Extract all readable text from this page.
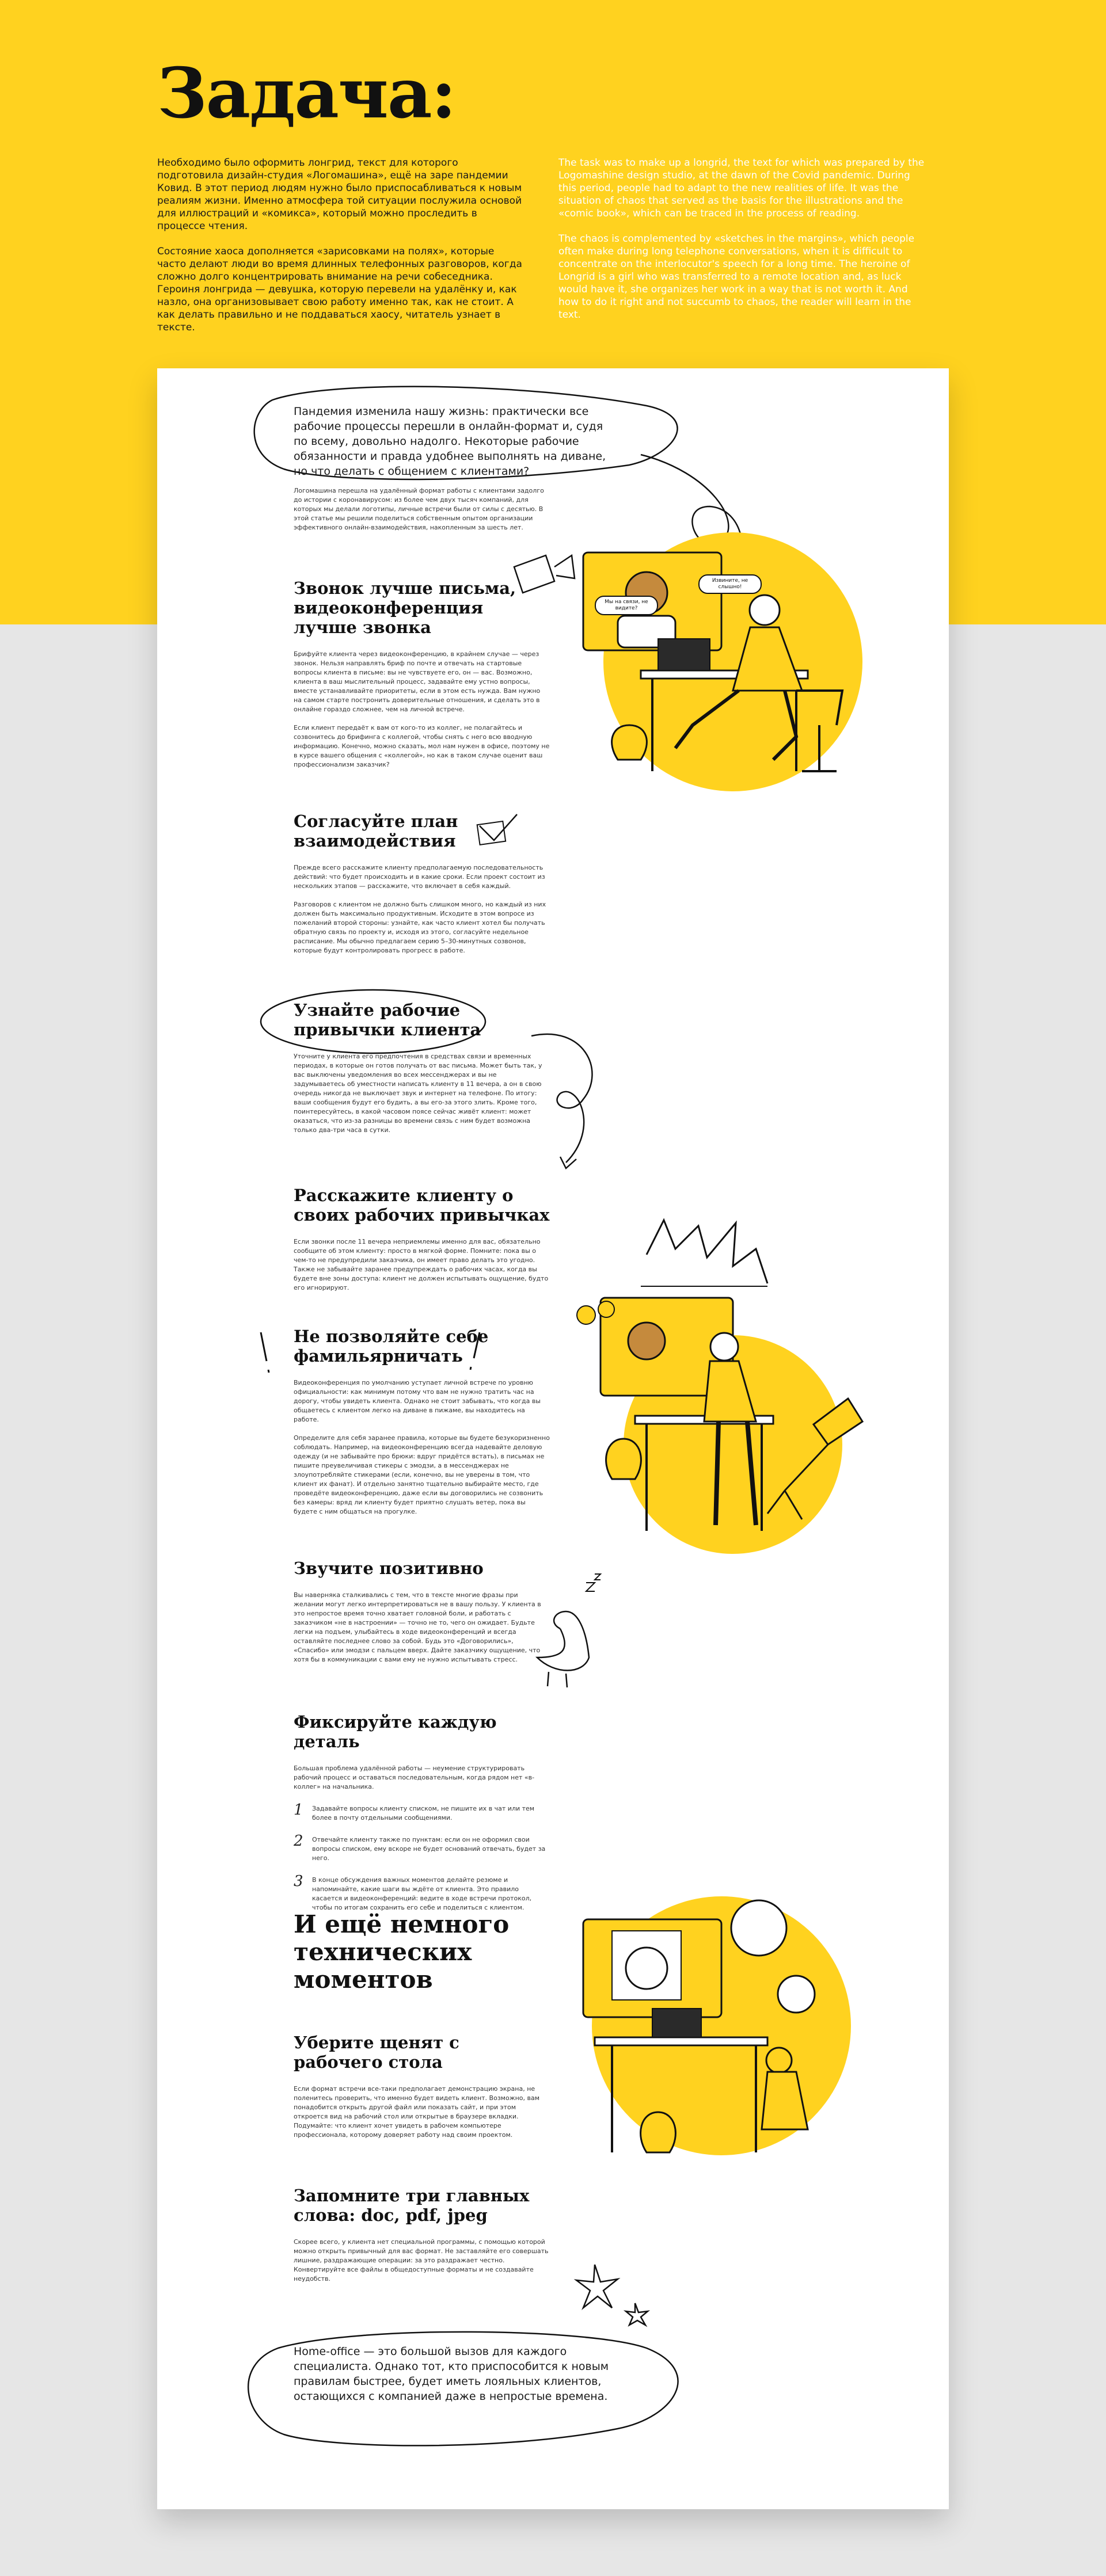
Задача:

Необходимо было оформить лонгрид, текст для которого подготовила дизайн-студия «Логомашина», ещё на заре пандемии Ковид. В этот период людям нужно было приспосабливаться к новым реалиям жизни. Именно атмосфера той ситуации послужила основой для иллюстраций и «комикса», который можно проследить в процессе чтения.

Состояние хаоса дополняется «зарисовками на полях», которые часто делают люди во время длинных телефонных разговоров, когда сложно долго концентрировать внимание на речи собеседника. Героиня лонгрида — девушка, которую перевели на удалёнку и, как назло, она организовывает свою работу именно так, как не стоит. А как делать правильно и не поддаваться хаосу, читатель узнает в тексте.

The task was to make up a longrid, the text for which was prepared by the Logomashine design studio, at the dawn of the Covid pandemic. During this period, people had to adapt to the new realities of life. It was the situation of chaos that served as the basis for the illustrations and the «comic book», which can be traced in the process of reading.

The chaos is complemented by «sketches in the margins», which people often make during long telephone conversations, when it is difficult to concentrate on the interlocutor's speech for a long time. The heroine of Longrid is a girl who was transferred to a remote location and, as luck would have it, she organizes her work in a way that is not worth it. And how to do it right and not succumb to chaos, the reader will learn in the text.

Извините, не слышно!
Мы на связи, не видите?
Пандемия изменила нашу жизнь: практически все рабочие процессы перешли в онлайн-формат и, судя по всему, довольно надолго. Некоторые рабочие обязанности и правда удобнее выполнять на диване, но что делать с общением с клиентами?

Логомашина перешла на удалённый формат работы с клиентами задолго до истории с коронавирусом: из более чем двух тысяч компаний, для которых мы делали логотипы, личные встречи были от силы с десятью. В этой статье мы решили поделиться собственным опытом организации эффективного онлайн-взаимодействия, накопленным за шесть лет.

Звонок лучше письма, видеоконференция лучше звонка

Брифуйте клиента через видеоконференцию, в крайнем случае — через звонок. Нельзя направлять бриф по почте и отвечать на стартовые вопросы клиента в письме: вы не чувствуете его, он — вас. Возможно, клиента в ваш мыслительный процесс, задавайте ему устно вопросы, вместе устанавливайте приоритеты, если в этом есть нужда. Вам нужно на самом старте постронить доверительные отношения, и сделать это в онлайне гораздо сложнее, чем на личной встрече.

Если клиент передаёт к вам от кого-то из коллег, не полагайтесь и созвонитесь до брифинга с коллегой, чтобы снять с него всю вводную информацию. Конечно, можно сказать, мол нам нужен в офисе, поэтому не в курсе вашего общения с «коллегой», но как в таком случае оценит ваш профессионализм заказчик?

Согласуйте план взаимодействия

Прежде всего расскажите клиенту предполагаемую последовательность действий: что будет происходить и в какие сроки. Если проект состоит из нескольких этапов — расскажите, что включает в себя каждый.

Разговоров с клиентом не должно быть слишком много, но каждый из них должен быть максимально продуктивным. Исходите в этом вопросе из пожеланий второй стороны: узнайте, как часто клиент хотел бы получать обратную связь по проекту и, исходя из этого, согласуйте недельное расписание. Мы обычно предлагаем серию 5–30-минутных созвонов, которые будут контролировать прогресс в работе.

Узнайте рабочие привычки клиента

Уточните у клиента его предпочтения в средствах связи и временных периодах, в которые он готов получать от вас письма. Может быть так, у вас выключены уведомления во всех мессенджерах и вы не задумываетесь об уместности написать клиенту в 11 вечера, а он в свою очередь никогда не выключает звук и интернет на телефоне. По итогу: ваши сообщения будут его будить, а вы его-за этого злить. Кроме того, поинтересуйтесь, в какой часовом поясе сейчас живёт клиент: может оказаться, что из-за разницы во времени связь с ним будет возможна только два-три часа в сутки.

Расскажите клиенту о своих рабочих привычках

Если звонки после 11 вечера неприемлемы именно для вас, обязательно сообщите об этом клиенту: просто в мягкой форме. Помните: пока вы о чем-то не предупредили заказчика, он имеет право делать это угодно. Также не забывайте заранее предупреждать о рабочих часах, когда вы будете вне зоны доступа: клиент не должен испытывать ощущение, будто его игнорируют.

Не позволяйте себе фамильярничать

Видеоконференция по умолчанию уступает личной встрече по уровню официальности: как минимум потому что вам не нужно тратить час на дорогу, чтобы увидеть клиента. Однако не стоит забывать, что когда вы общаетесь с клиентом легко на диване в пижаме, вы находитесь на работе.

Определите для себя заранее правила, которые вы будете безукоризненно соблюдать. Например, на видеоконференцию всегда надевайте деловую одежду (и не забывайте про брюки: вдруг придётся встать), в письмах не пишите преувеличивая стикеры с эмодзи, а в мессенджерах не злоупотребляйте стикерами (если, конечно, вы не уверены в том, что клиент их фанат). И отдельно занятно тщательно выбирайте место, где проведёте видеоконференцию, даже если вы договорились не созвонить без камеры: вряд ли клиенту будет приятно слушать ветер, пока вы будете с ним общаться на прогулке.

Звучите позитивно

Вы наверняка сталкивались с тем, что в тексте многие фразы при желании могут легко интерпретироваться не в вашу пользу. У клиента в это непростое время точно хватает головной боли, и работать с заказчиком «не в настроении» — точно не то, чего он ожидает. Будьте легки на подъем, улыбайтесь в ходе видеоконференций и всегда оставляйте последнее слово за собой. Будь это «Договорились», «Спасибо» или эмодзи с пальцем вверх. Дайте заказчику ощущение, что хотя бы в коммуникации с вами ему не нужно испытывать стресс.

Фиксируйте каждую деталь

Большая проблема удалённой работы — неумение структурировать рабочий процесс и оставаться последовательным, когда рядом нет «в-коллег» на начальника.

1 Задавайте вопросы клиенту списком, не пишите их в чат или тем более в почту отдельными сообщениями.
2 Отвечайте клиенту также по пунктам: если он не оформил свои вопросы списком, ему вскоре не будет оснований отвечать, будет за него.
3 В конце обсуждения важных моментов делайте резюме и напоминайте, какие шаги вы ждёте от клиента. Это правило касается и видеоконференций: ведите в ходе встречи протокол, чтобы по итогам сохранить его себе и поделиться с клиентом.
И ещё немного технических моментов
Уберите щенят с рабочего стола

Если формат встречи все-таки предполагает демонстрацию экрана, не поленитесь проверить, что именно будет видеть клиент. Возможно, вам понадобится открыть другой файл или показать сайт, и при этом откроется вид на рабочий стол или открытые в браузере вкладки. Подумайте: что клиент хочет увидеть в рабочем компьютере профессионала, которому доверяет работу над своим проектом.

Запомните три главных слова: doc, pdf, jpeg

Скорее всего, у клиента нет специальной программы, с помощью которой можно открыть привычный для вас формат. Не заставляйте его совершать лишние, раздражающие операции: за это раздражает честно. Конвертируйте все файлы в общедоступные форматы и не создавайте неудобств.

Home-office — это большой вызов для каждого специалиста. Однако тот, кто приспособится к новым правилам быстрее, будет иметь лояльных клиентов, остающихся с компанией даже в непростые времена.
